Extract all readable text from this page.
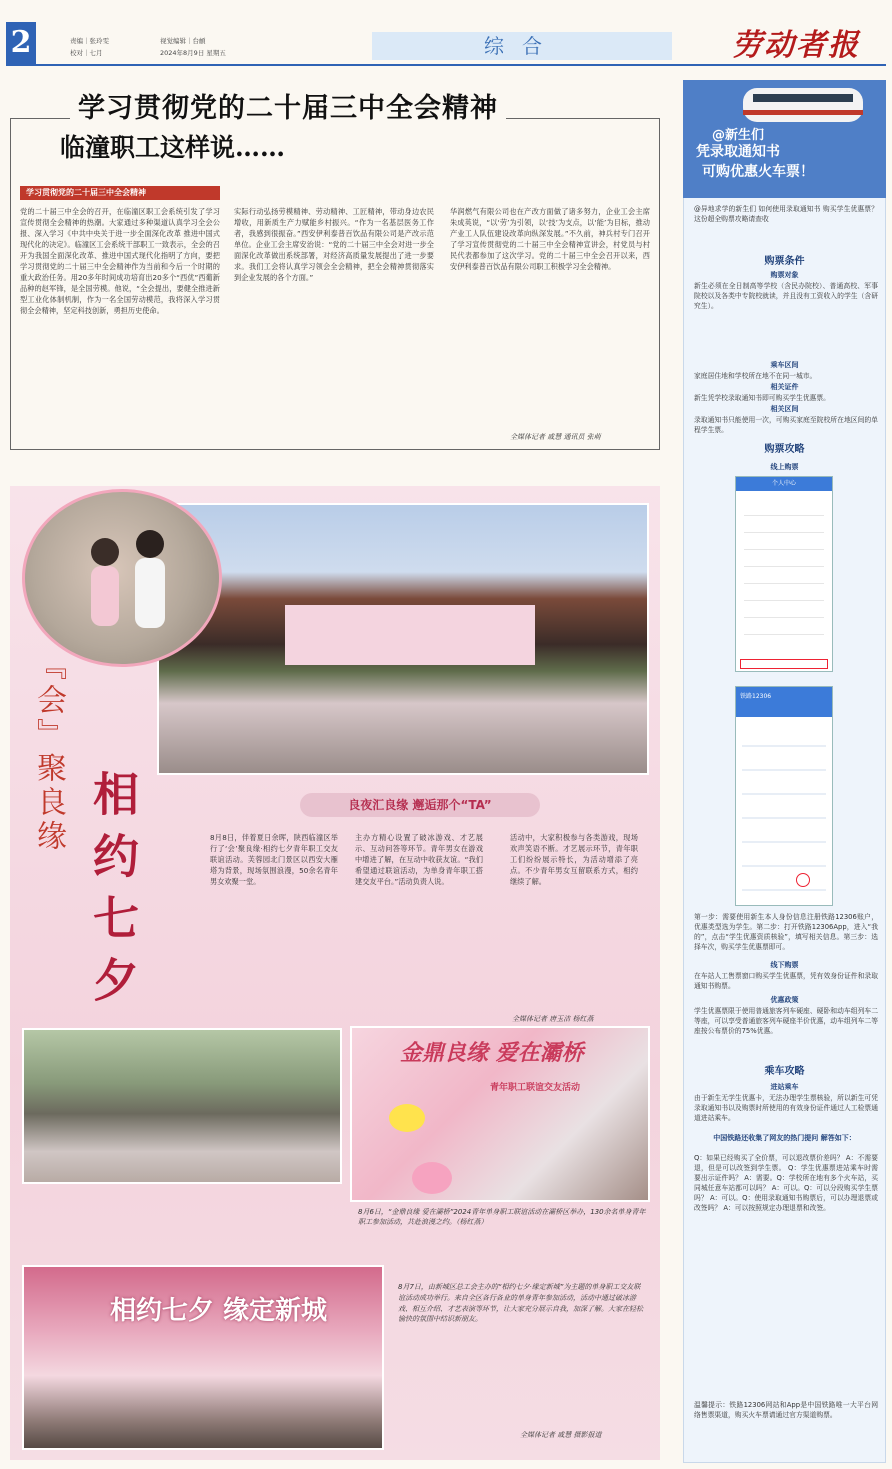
2	责编｜张玲雯
校对｜七月
视觉编辑｜台頔
2024年8月9日 星期五	综合	劳动者报
学习贯彻党的二十届三中全会精神
临潼职工这样说……
学习贯彻党的二十届三中全会精神
党的二十届三中全会的召开，在临潼区职工会系统引发了学习宣传贯彻全会精神的热潮。大家通过多种渠道认真学习全会公报、深入学习《中共中央关于进一步全面深化改革 推进中国式现代化的决定》。临潼区工会系统干部职工一致表示，全会的召开为我国全面深化改革、推进中国式现代化指明了方向，要把学习贯彻党的二十届三中全会精神作为当前和今后一个时期的重大政治任务。用20多年时间成功培育出20多个“西优”西葡新品种的赵军锋，是全国劳模。他说，“全会提出，要健全推进新型工业化体制机制，作为一名全国劳动模范，我将深入学习贯彻全会精神，坚定科技创新，勇担历史使命。
实际行动弘扬劳模精神、劳动精神、工匠精神，带动身边农民增收，用新质生产力赋能乡村振兴。“作为一名基层医务工作者，我感到很振奋。”西安伊利泰普百饮品有限公司是产改示范单位。企业工会主席安治说：“党的二十届三中全会对进一步全面深化改革做出系统部署，对经济高质量发展提出了进一步要求。我们工会将认真学习领会全会精神，把全会精神贯彻落实到企业发展的各个方面。”
华润燃气有限公司也在产改方面做了诸多努力，企业工会主席朱成英说，“以‘劳’为引领，以‘技’为支点，以‘能’为目标，推动产业工人队伍建设改革向纵深发展。”不久前，神兵村专门召开了学习宣传贯彻党的二十届三中全会精神宣讲会，村党员与村民代表都参加了这次学习。党的二十届三中全会召开以来，西安伊利泰普百饮品有限公司职工积极学习全会精神。
全媒体记者 戚慧 通讯员 张萌
@新生们
凭录取通知书
可购优惠火车票！
@异地求学的新生们 如何使用录取通知书 购买学生优惠票？ 这份超全购票攻略请查收
购票条件
购票对象
新生必须在全日制高等学校（含民办院校）、普通高校、军事院校以及各类中专院校就读，并且没有工资收入的学生（含研究生）。
乘车区间
家庭居住地和学校所在地不在同一城市。
相关证件
新生凭学校录取通知书即可购买学生优惠票。
相关区间
录取通知书只能使用一次，可购买家庭至院校所在地区间的单程学生票。
购票攻略
线上购票
个人中心
铁路12306
第一步：需要使用新生本人身份信息注册铁路12306账户，优惠类型选为学生。第二步：打开铁路12306App，进入“我的”，点击“学生优惠资质核验”，填写相关信息。第三步：选择车次，购买学生优惠票即可。
线下购票
在车站人工售票窗口购买学生优惠票，凭有效身份证件和录取通知书购票。
优惠政策
学生优惠票限于使用普通旅客列车硬座、硬卧和动车组列车二等座，可以享受普通旅客列车硬座半价优惠，动车组列车二等座按公布票价的75%优惠。
乘车攻略
进站乘车
由于新生无学生优惠卡，无法办理学生票核验，所以新生可凭录取通知书以及购票时所使用的有效身份证件通过人工检票通道进站乘车。
中国铁路还收集了网友的热门提问 解答如下：
Q：如果已经购买了全价票，可以退改票价差吗？ A：不需要退，但是可以改签到学生票。 Q：学生优惠票进站乘车时需要出示证件吗？ A：需要。Q：学校所在地有多个火车站，买同城任意车站都可以吗？ A：可以。Q：可以分段购买学生票吗？ A：可以。Q：使用录取通知书购票后，可以办理退票或改签吗？ A：可以按照规定办理退票和改签。
温馨提示：铁路12306网站和App是中国铁路唯一大平台网络售票渠道，购买火车票请通过官方渠道购票。
『会』聚良缘
相约七夕	良夜汇良缘 邂逅那个“TA”
8月8日，伴着夏日余晖，陕西临潼区举行了‘会’聚良缘·相约七夕青年职工交友联谊活动。芙蓉园北门景区以西安大雁塔为背景，现场氛围浪漫，50余名青年男女欢聚一堂。
主办方精心设置了破冰游戏、才艺展示、互动问答等环节。青年男女在游戏中增进了解，在互动中收获友谊。“我们希望通过联谊活动，为单身青年职工搭建交友平台。”活动负责人说。
活动中，大家积极参与各类游戏，现场欢声笑语不断。才艺展示环节，青年职工们纷纷展示特长，为活动增添了亮点。不少青年男女互留联系方式，相约继续了解。
全媒体记者 唐玉洁 杨红燕
金鼎良缘 爱在灞桥
青年职工联谊交友活动
8月6日，“金鼎良缘 爱在灞桥”2024青年单身职工联谊活动在灞桥区举办，130余名单身青年职工参加活动，共赴浪漫之约。（杨红燕）
相约七夕 缘定新城
8月7日，由新城区总工会主办的“相约七夕·缘定新城”为主题的单身职工交友联谊活动成功举行。来自全区各行各业的单身青年参加活动，活动中通过破冰游戏、相互介绍、才艺表演等环节，让大家充分展示自我，加深了解。大家在轻松愉快的氛围中结识新朋友。
全媒体记者 戚慧 摄影报道
